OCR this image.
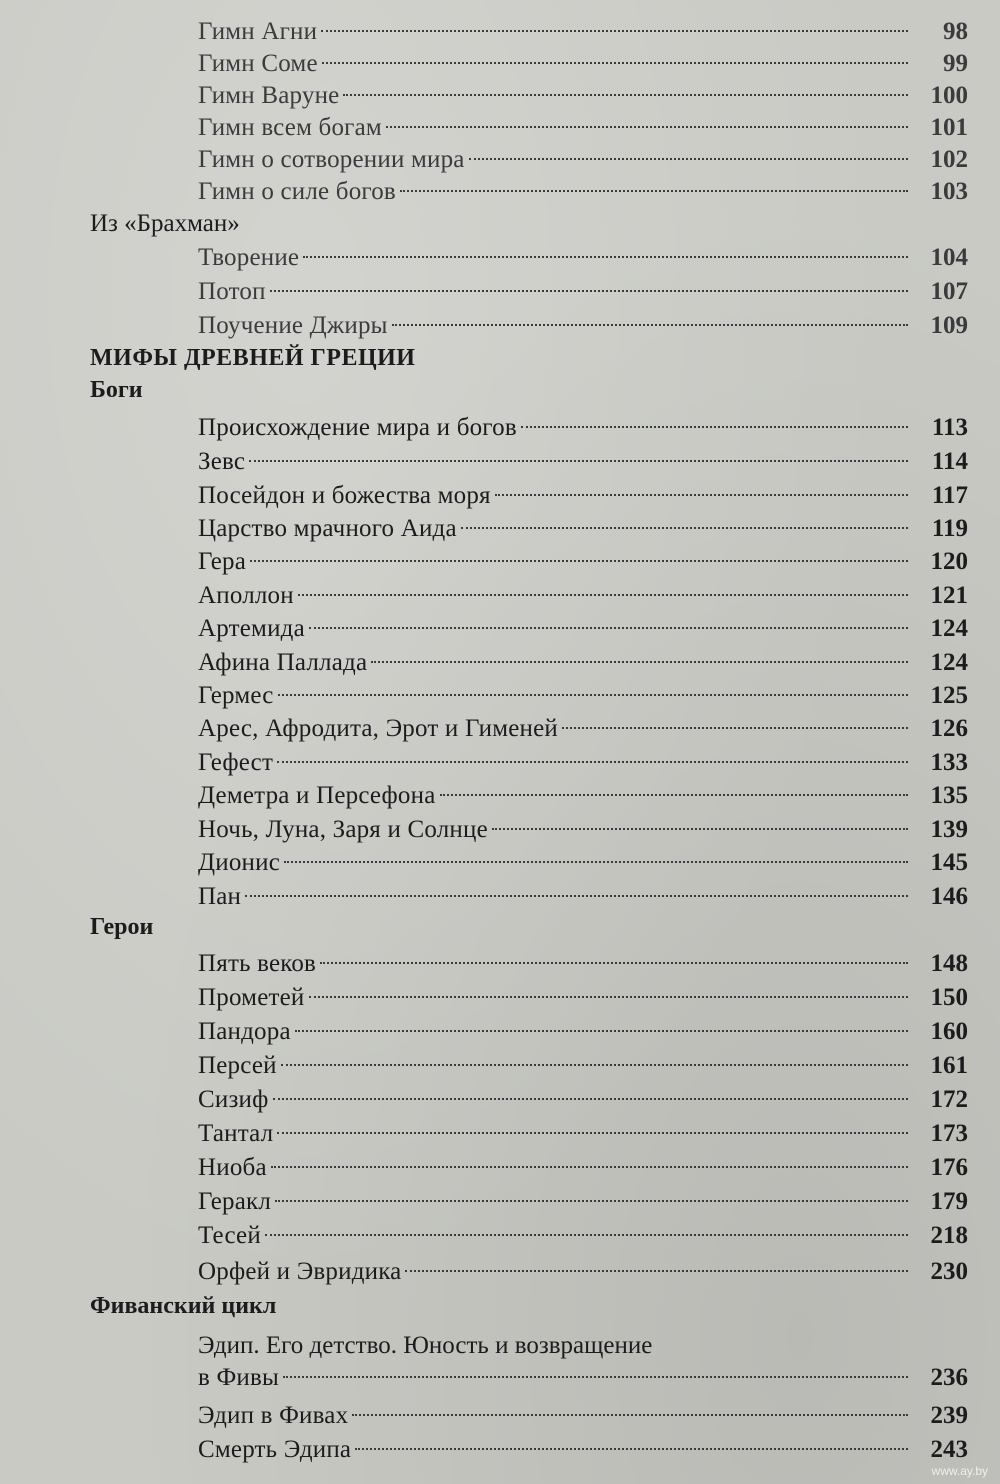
Гимн Агни	98
Гимн Соме	99
Гимн Варуне	100
Гимн всем богам	101
Гимн о сотворении мира	102
Гимн о силе богов	103
Из «Брахман»
Творение	104
Потоп	107
Поучение Джиры	109
МИФЫ ДРЕВНЕЙ ГРЕЦИИ
Боги
Происхождение мира и богов	113
Зевс	114
Посейдон и божества моря	117
Царство мрачного Аида	119
Гера	120
Аполлон	121
Артемида	124
Афина Паллада	124
Гермес	125
Арес, Афродита, Эрот и Гименей	126
Гефест	133
Деметра и Персефона	135
Ночь, Луна, Заря и Солнце	139
Дионис	145
Пан	146
Герои
Пять веков	148
Прометей	150
Пандора	160
Персей	161
Сизиф	172
Тантал	173
Ниоба	176
Геракл	179
Тесей	218
Орфей и Эвридика	230
Фиванский цикл
Эдип. Его детство. Юность и возвращение
в Фивы	236
Эдип в Фивах	239
Смерть Эдипа	243
www.ay.by
